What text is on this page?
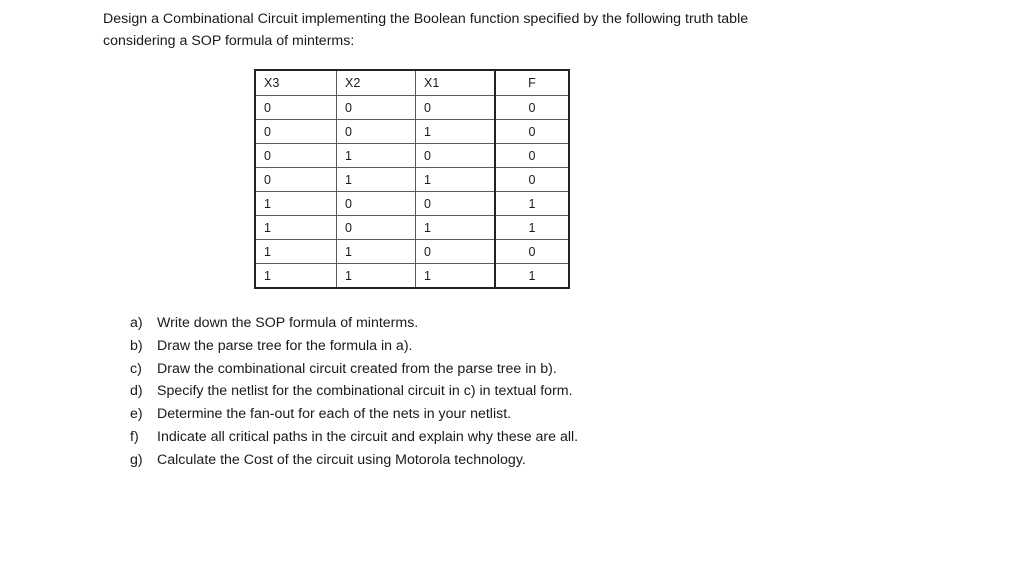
Design a Combinational Circuit implementing the Boolean function specified by the following truth table
considering a SOP formula of minterms:

X3	X2	X1	F
0	0	0	0
0	0	1	0
0	1	0	0
0	1	1	0
1	0	0	1
1	0	1	1
1	1	0	0
1	1	1	1
a)	Write down the SOP formula of minterms.
b)	Draw the parse tree for the formula in a).
c)	Draw the combinational circuit created from the parse tree in b).
d)	Specify the netlist for the combinational circuit in c) in textual form.
e)	Determine the fan-out for each of the nets in your netlist.
f)	Indicate all critical paths in the circuit and explain why these are all.
g)	Calculate the Cost of the circuit using Motorola technology.
